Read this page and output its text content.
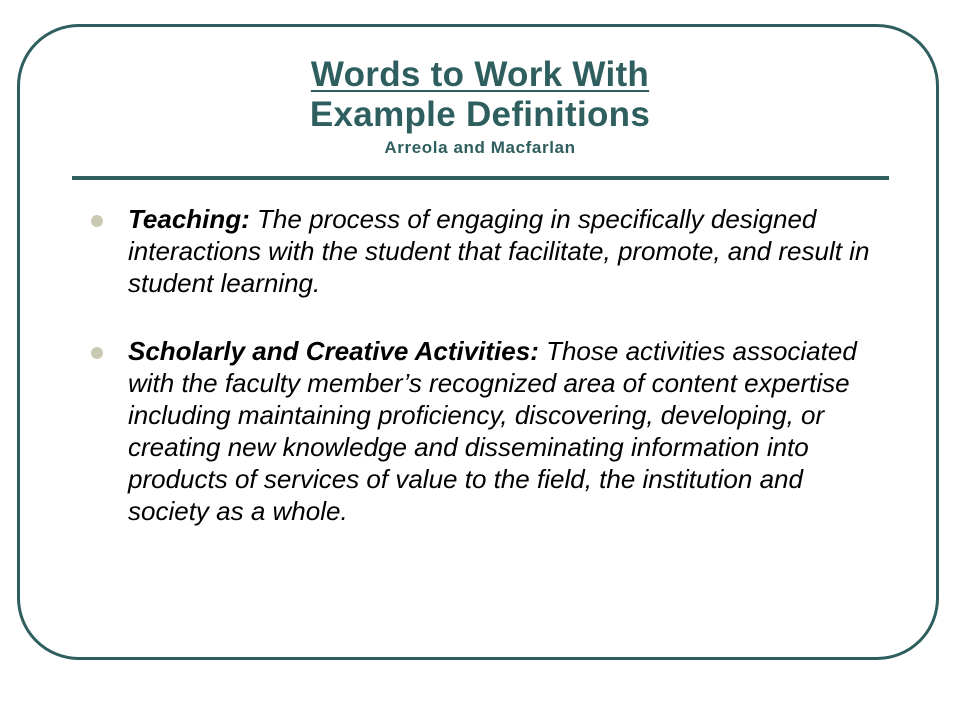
Words to Work With
Example Definitions
Arreola and Macfarlan
Teaching: The process of engaging in specifically designed interactions with the student that facilitate, promote, and result in student learning.
Scholarly and Creative Activities: Those activities associated with the faculty member’s recognized area of content expertise including maintaining proficiency, discovering, developing, or creating new knowledge and disseminating information into products of services of value to the field, the institution and society as a whole.
